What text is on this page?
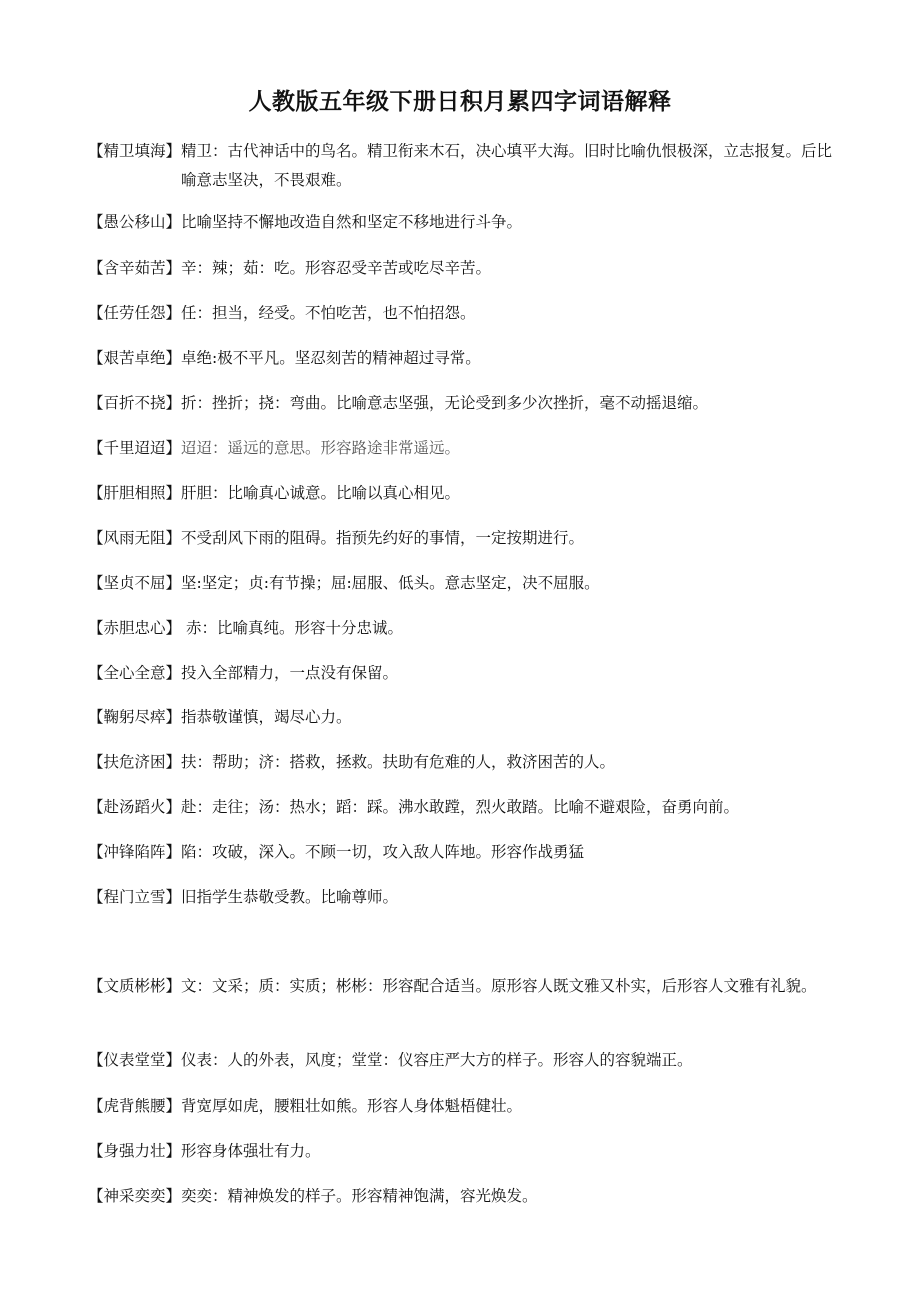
人教版五年级下册日积月累四字词语解释
【精卫填海】精卫：古代神话中的鸟名。精卫衔来木石，决心填平大海。旧时比喻仇恨极深，立志报复。后比喻意志坚决，不畏艰难。
【愚公移山】比喻坚持不懈地改造自然和坚定不移地进行斗争。
【含辛茹苦】辛：辣；茹：吃。形容忍受辛苦或吃尽辛苦。
【任劳任怨】任：担当，经受。不怕吃苦，也不怕招怨。
【艰苦卓绝】卓绝:极不平凡。坚忍刻苦的精神超过寻常。
【百折不挠】折：挫折；挠：弯曲。比喻意志坚强，无论受到多少次挫折，毫不动摇退缩。
【千里迢迢】迢迢：遥远的意思。形容路途非常遥远。
【肝胆相照】肝胆：比喻真心诚意。比喻以真心相见。
【风雨无阻】不受刮风下雨的阻碍。指预先约好的事情，一定按期进行。
【坚贞不屈】坚:坚定；贞:有节操；屈:屈服、低头。意志坚定，决不屈服。
【赤胆忠心】 赤：比喻真纯。形容十分忠诚。
【全心全意】投入全部精力，一点没有保留。
【鞠躬尽瘁】指恭敬谨慎，竭尽心力。
【扶危济困】扶：帮助；济：搭救，拯救。扶助有危难的人，救济困苦的人。
【赴汤蹈火】赴：走往；汤：热水；蹈：踩。沸水敢蹚，烈火敢踏。比喻不避艰险，奋勇向前。
【冲锋陷阵】陷：攻破，深入。不顾一切，攻入敌人阵地。形容作战勇猛
【程门立雪】旧指学生恭敬受教。比喻尊师。
【文质彬彬】文：文采；质：实质；彬彬：形容配合适当。原形容人既文雅又朴实，后形容人文雅有礼貌。
【仪表堂堂】仪表：人的外表，风度；堂堂：仪容庄严大方的样子。形容人的容貌端正。
【虎背熊腰】背宽厚如虎，腰粗壮如熊。形容人身体魁梧健壮。
【身强力壮】形容身体强壮有力。
【神采奕奕】奕奕：精神焕发的样子。形容精神饱满，容光焕发。
